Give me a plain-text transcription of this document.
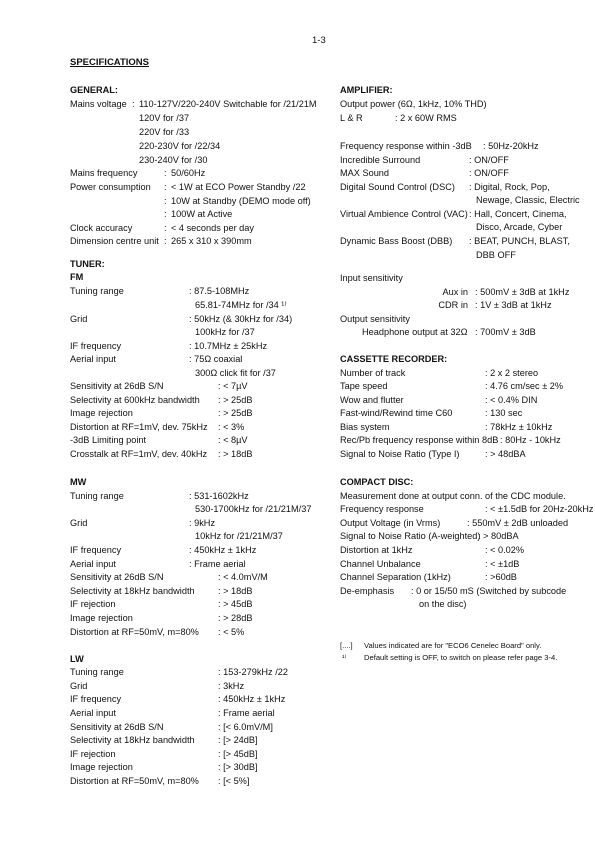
1-3
SPECIFICATIONS
GENERAL:
Mains voltage : 110-127V/220-240V Switchable for /21/21M
120V for /37
220V for /33
220-230V for /22/34
230-240V for /30
Mains frequency	: 50/60Hz
Power consumption : < 1W at ECO Power Standby /22
: 10W at Standby (DEMO mode off)
: 100W at Active
Clock accuracy	: < 4 seconds per day
Dimension centre unit : 265 x 310 x 390mm
TUNER:
FM
Tuning range	: 87.5-108MHz
65.81-74MHz for /34 ¹⁾
Grid	: 50kHz (& 30kHz for /34)
100kHz for /37
IF frequency	: 10.7MHz ± 25kHz
Aerial input	: 75Ω coaxial
300Ω click fit for /37
Sensitivity at 26dB S/N	: < 7µV
Selectivity at 600kHz bandwidth : > 25dB
Image rejection	: > 25dB
Distortion at RF=1mV, dev. 75kHz : < 3%
-3dB Limiting point	: < 8µV
Crosstalk at RF=1mV, dev. 40kHz : > 18dB
MW
Tuning range	: 531-1602kHz
530-1700kHz for /21/21M/37
Grid	: 9kHz
10kHz for /21/21M/37
IF frequency	: 450kHz ± 1kHz
Aerial input	: Frame aerial
Sensitivity at 26dB S/N	: < 4.0mV/M
Selectivity at 18kHz bandwidth	: > 18dB
IF rejection	: > 45dB
Image rejection	: > 28dB
Distortion at RF=50mV, m=80% : < 5%
LW
Tuning range	: 153-279kHz /22
Grid	: 3kHz
IF frequency	: 450kHz ± 1kHz
Aerial input	: Frame aerial
Sensitivity at 26dB S/N	: [< 6.0mV/M]
Selectivity at 18kHz bandwidth	: [> 24dB]
IF rejection	: [> 45dB]
Image rejection	: [> 30dB]
Distortion at RF=50mV, m=80% : [< 5%]
AMPLIFIER:
Output power (6Ω, 1kHz, 10% THD)
L & R	: 2 x 60W RMS
Frequency response within -3dB : 50Hz-20kHz
Incredible Surround	: ON/OFF
MAX Sound	: ON/OFF
Digital Sound Control (DSC) : Digital, Rock, Pop,
Newage, Classic, Electric
Virtual Ambience Control (VAC) : Hall, Concert, Cinema,
Disco, Arcade, Cyber
Dynamic Bass Boost (DBB) : BEAT, PUNCH, BLAST,
DBB OFF
Input sensitivity
Aux in : 500mV ± 3dB at 1kHz
CDR in : 1V ± 3dB at 1kHz
Output sensitivity
Headphone output at 32Ω : 700mV ± 3dB
CASSETTE RECORDER:
Number of track	: 2 x 2 stereo
Tape speed	: 4.76 cm/sec ± 2%
Wow and flutter	: < 0.4% DIN
Fast-wind/Rewind time C60	: 130 sec
Bias system	: 78kHz ± 10kHz
Rec/Pb frequency response within 8dB : 80Hz - 10kHz
Signal to Noise Ratio (Type I)	: > 48dBA
COMPACT DISC:
Measurement done at output conn. of the CDC module.
Frequency response	: < ±1.5dB for 20Hz-20kHz
Output Voltage (in Vrms)	: 550mV ± 2dB unloaded
Signal to Noise Ratio (A-weighted)
: > 80dBA
Distortion at 1kHz	: < 0.02%
Channel Unbalance	: < ±1dB
Channel Separation (1kHz)	: >60dB
De-emphasis : 0 or 15/50 mS (Switched by subcode
on the disc)
[....] Values indicated are for "ECO6 Cenelec Board" only.
¹⁾ Default setting is OFF, to switch on please refer page 3-4.
